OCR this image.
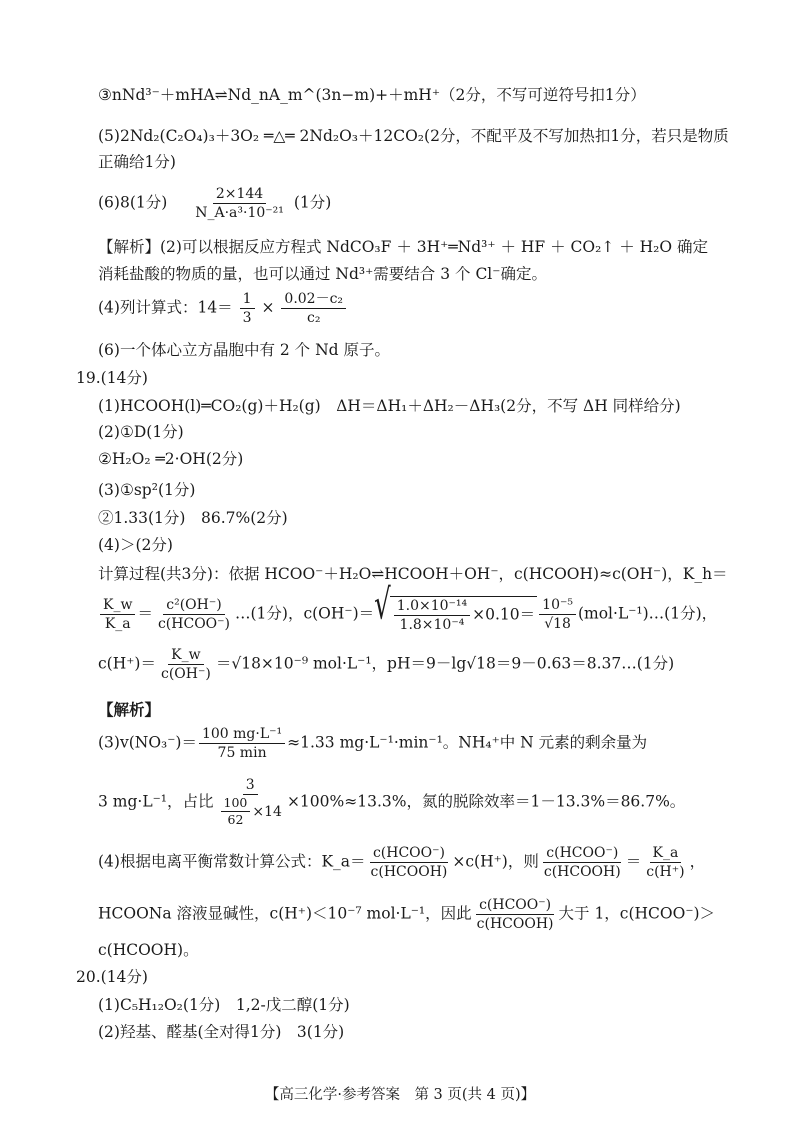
③nNd³⁻＋mHA⇌Nd_nA_m^(3n−m)+＋mH⁺（2分，不写可逆符号扣1分）
(5)2Nd₂(C₂O₄)₃＋3O₂ ═△═ 2Nd₂O₃＋12CO₂(2分，不配平及不写加热扣1分，若只是物质
正确给1分)
(6)8(1分) $\frac{2\times 144}{\text{N\_A·a³·10⁻²¹}} (1$分)
【解析】(2)可以根据反应方程式 NdCO₃F ＋ 3H⁺═Nd³⁺ ＋ HF ＋ CO₂↑ ＋ H₂O 确定
消耗盐酸的物质的量，也可以通过 Nd³⁺需要结合 3 个 Cl⁻确定。
(4)列计算式：$14= \frac{1}{3} \times \frac{\text{0.02－c₂}}{\text{c₂}}$
(6)一个体心立方晶胞中有 2 个 Nd 原子。
19.(14分)
(1)HCOOH(l)═CO₂(g)＋H₂(g)　ΔH＝ΔH₁＋ΔH₂－ΔH₃(2分，不写 ΔH 同样给分)
(2)①D(1分)
②H₂O₂ ═2·OH(2分)
(3)①sp²(1分)
②1.33(1分)　86.7%(2分)
(4)＞(2分)
计算过程(共3分)：依据 HCOO⁻＋H₂O⇌HCOOH＋OH⁻，c(HCOOH)≈c(OH⁻)，K_h＝
$\frac{K\_w}{K\_a} = \frac{\text{c²(OH⁻)}}{\text{c(HCOO⁻)}}$ …(1分)，c(OH⁻)＝ √ $\frac{\text{1.0×10⁻¹⁴}}{\text{1.8×10⁻⁴}} \times 0.10= \frac{\text{10⁻⁵}}{√18}$ (mol·L⁻¹)…(1分)，
$c(H^+)= \frac{K\_w}{c(OH^-)} =√18\times 10^{-9}$ mol·L⁻¹，pH＝9－lg√18＝9－0.63＝8.37…(1分)
【解析】
$(3)v(NO_3^-)= \frac{\text{100 mg·L⁻¹}}{75 \min} \approx 1.33$ mg·L⁻¹·min⁻¹。NH₄⁺中 N 元素的剩余量为
3 mg·L⁻¹，占比 $\frac{3}{\frac{100}{62} \times 14} \times 100\%\approx 13.3\%$，氮的脱除效率＝1－13.3%＝86.7%。
(4)根据电离平衡常数计算公式：K_a＝ $\frac{\text{c(HCOO⁻)}}{\text{c(HCOOH)}} \times c(H^+)$，则 $\frac{\text{c(HCOO⁻)}}{\text{c(HCOOH)}} = \frac{K\_a}{c(H^+)}$ ，
HCOONa 溶液显碱性，c(H⁺)＜10⁻⁷ mol·L⁻¹，因此 $\frac{\text{c(HCOO⁻)}}{\text{c(HCOOH)}}$ 大于 1，c(HCOO⁻)＞
c(HCOOH)。
20.(14分)
(1)C₅H₁₂O₂(1分)　1,2-戊二醇(1分)
(2)羟基、醛基(全对得1分)　3(1分)
【高三化学·参考答案　第 3 页(共 4 页)】
